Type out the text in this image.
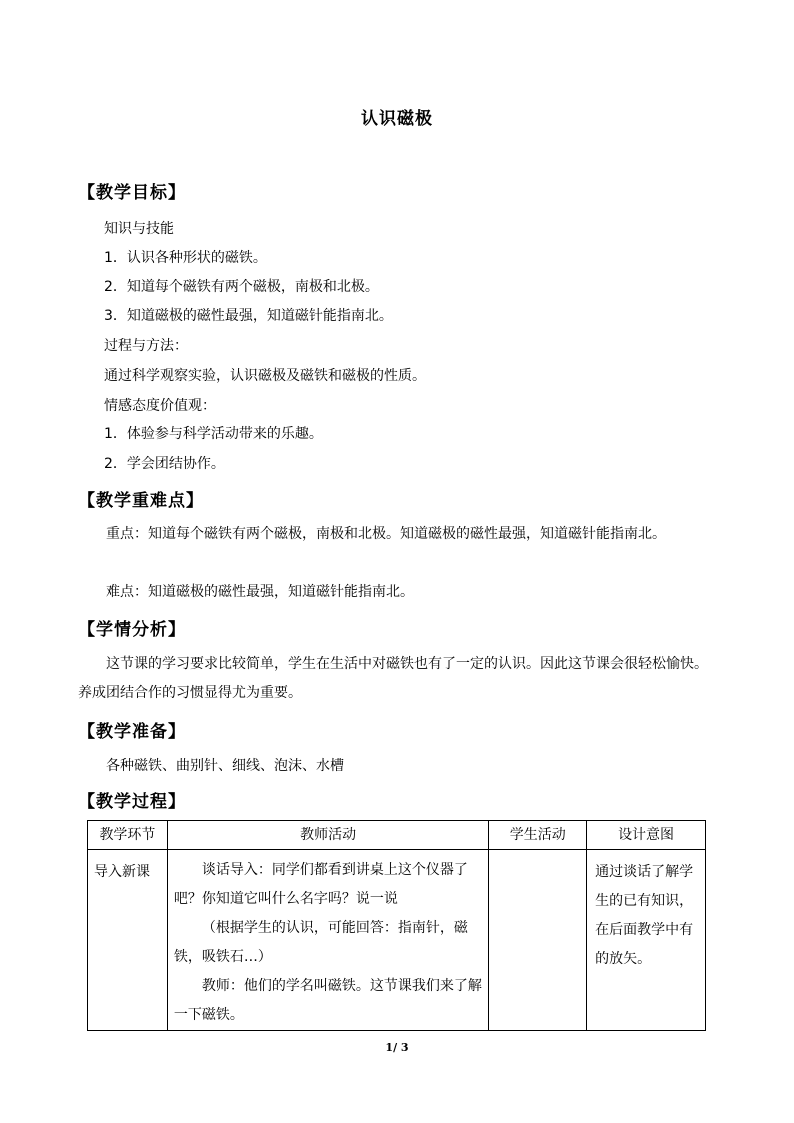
认识磁极
【教学目标】
知识与技能
1．认识各种形状的磁铁。
2．知道每个磁铁有两个磁极，南极和北极。
3．知道磁极的磁性最强，知道磁针能指南北。
过程与方法：
通过科学观察实验，认识磁极及磁铁和磁极的性质。
情感态度价值观：
1．体验参与科学活动带来的乐趣。
2．学会团结协作。
【教学重难点】
重点：知道每个磁铁有两个磁极，南极和北极。知道磁极的磁性最强，知道磁针能指南北。
难点：知道磁极的磁性最强，知道磁针能指南北。
【学情分析】
这节课的学习要求比较简单，学生在生活中对磁铁也有了一定的认识。因此这节课会很轻松愉快。养成团结合作的习惯显得尤为重要。
【教学准备】
各种磁铁、曲别针、细线、泡沫、水槽
【教学过程】
教学环节	教师活动	学生活动	设计意图
导入新课	谈话导入：同学们都看到讲桌上这个仪器了吧？你知道它叫什么名字吗？说一说

（根据学生的认识，可能回答：指南针，磁铁，吸铁石…）

教师：他们的学名叫磁铁。这节课我们来了解一下磁铁。		通过谈话了解学生的已有知识，在后面教学中有的放矢。
1/ 3
